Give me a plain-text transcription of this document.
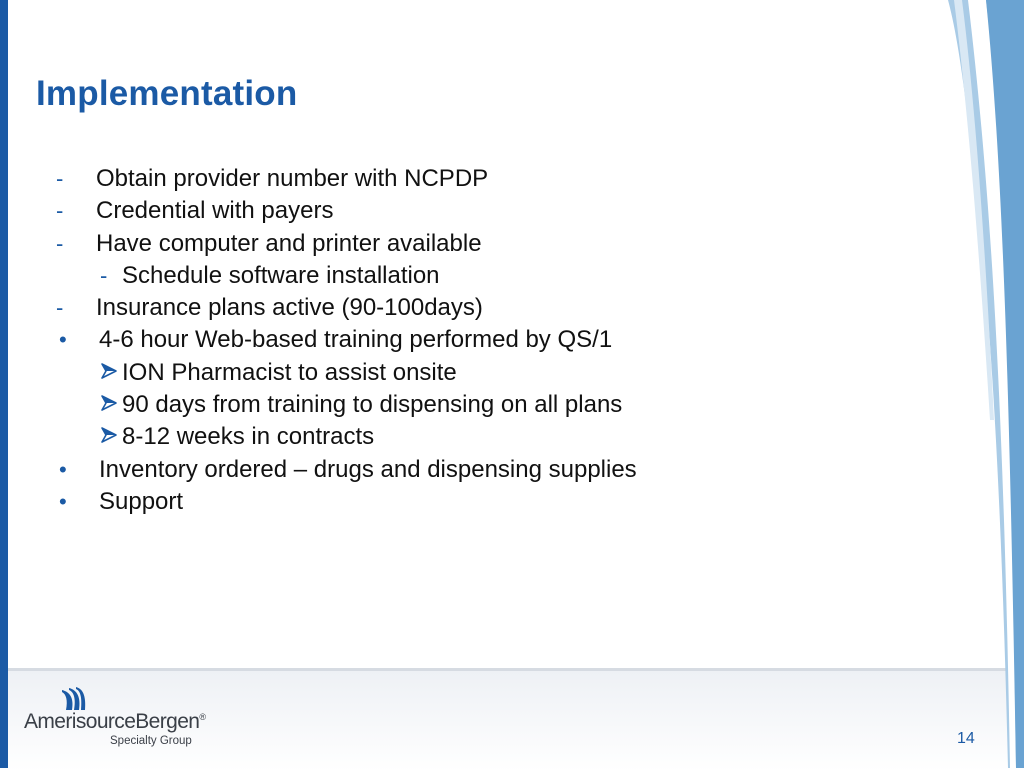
Implementation
-	Obtain provider number with NCPDP
-	Credential with payers
-	Have computer and printer available
- Schedule software installation
-	Insurance plans active (90-100days)
•	4-6 hour Web-based training performed by QS/1
ION Pharmacist to assist onsite
90 days from training to dispensing on all plans
8-12 weeks in contracts
•	Inventory ordered – drugs and dispensing supplies
•	Support
AmerisourceBergen®
Specialty Group	14
